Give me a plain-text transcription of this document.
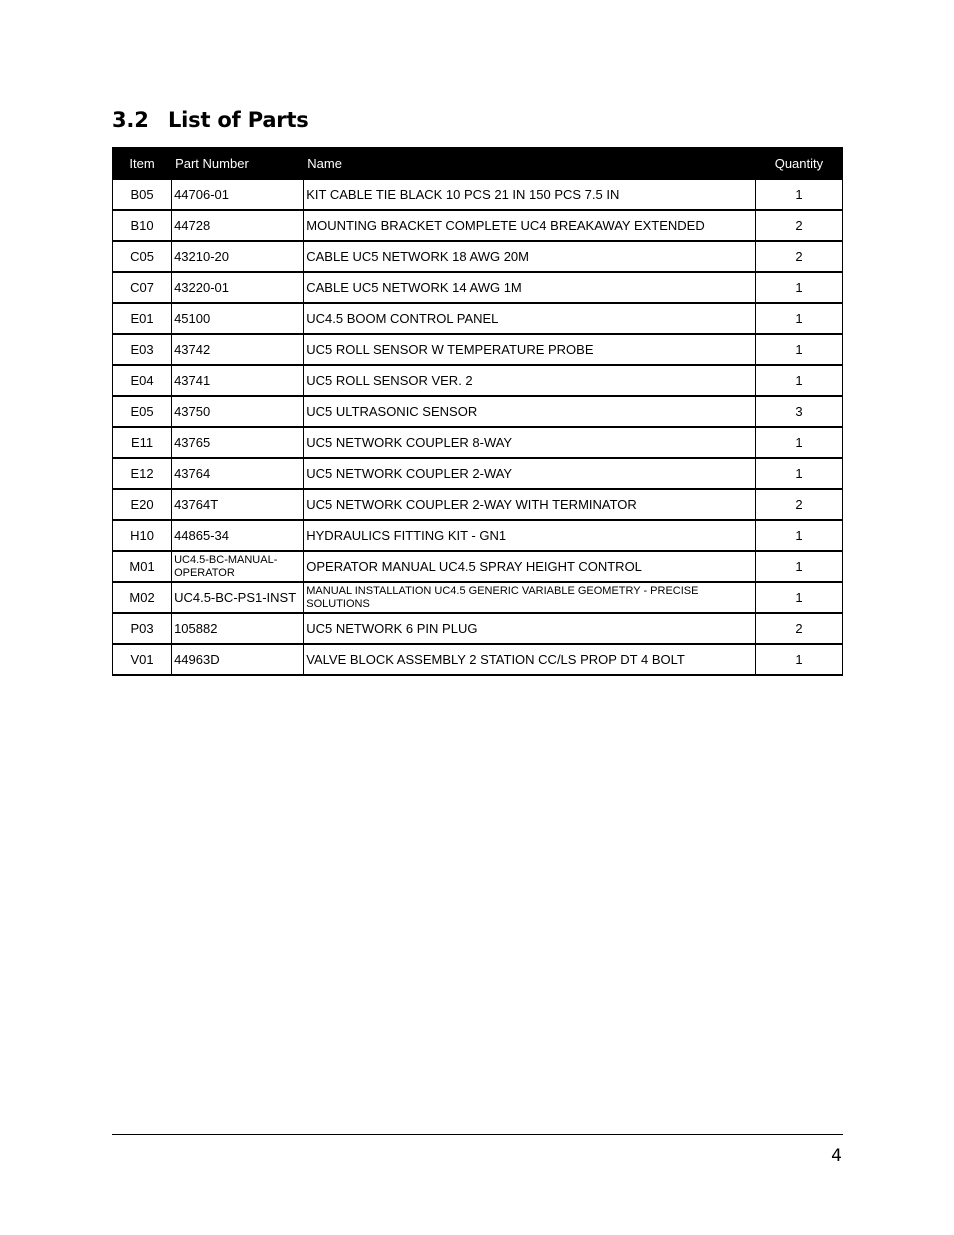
3.2 List of Parts
Item	Part Number	Name	Quantity
B05	44706-01	KIT CABLE TIE BLACK 10 PCS 21 IN 150 PCS 7.5 IN	1
B10	44728	MOUNTING BRACKET COMPLETE UC4 BREAKAWAY EXTENDED	2
C05	43210-20	CABLE UC5 NETWORK 18 AWG 20M	2
C07	43220-01	CABLE UC5 NETWORK 14 AWG 1M	1
E01	45100	UC4.5 BOOM CONTROL PANEL	1
E03	43742	UC5 ROLL SENSOR W TEMPERATURE PROBE	1
E04	43741	UC5 ROLL SENSOR VER. 2	1
E05	43750	UC5 ULTRASONIC SENSOR	3
E11	43765	UC5 NETWORK COUPLER 8-WAY	1
E12	43764	UC5 NETWORK COUPLER 2-WAY	1
E20	43764T	UC5 NETWORK COUPLER 2-WAY WITH TERMINATOR	2
H10	44865-34	HYDRAULICS FITTING KIT - GN1	1
M01	UC4.5-BC-MANUAL-OPERATOR	OPERATOR MANUAL UC4.5 SPRAY HEIGHT CONTROL	1
M02	UC4.5-BC-PS1-INST	MANUAL INSTALLATION UC4.5 GENERIC VARIABLE GEOMETRY - PRECISE SOLUTIONS	1
P03	105882	UC5 NETWORK 6 PIN PLUG	2
V01	44963D	VALVE BLOCK ASSEMBLY 2 STATION CC/LS PROP DT 4 BOLT	1
4
